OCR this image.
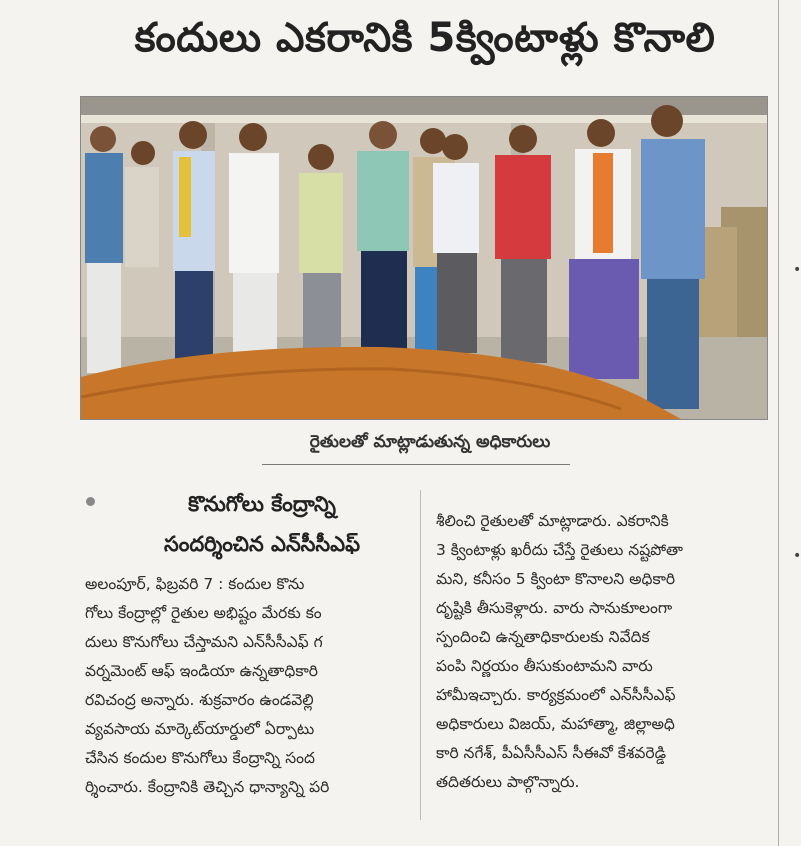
•
•
కందులు ఎకరానికి 5క్వింటాళ్లు కొనాలి
రైతులతో మాట్లాడుతున్న అధికారులు
కొనుగోలు కేంద్రాన్ని
సందర్శించిన ఎన్‌సీసీఎఫ్
అలంపూర్, ఫిబ్రవరి 7 : కందుల కొను
గోలు కేంద్రాల్లో రైతుల అభిష్టం మేరకు కం
దులు కొనుగోలు చేస్తామని ఎన్‌సీసీఎఫ్ గ
వర్నమెంట్ ఆఫ్ ఇండియా ఉన్నతాధికారి
రవిచంద్ర అన్నారు. శుక్రవారం ఉండవెల్లి
వ్యవసాయ మార్కెట్‌యార్డులో ఏర్పాటు
చేసిన కందుల కొనుగోలు కేంద్రాన్ని సంద
ర్శించారు. కేంద్రానికి తెచ్చిన ధాన్యాన్ని పరి
శీలించి రైతులతో మాట్లాడారు. ఎకరానికి
3 క్వింటాళ్లు ఖరీదు చేస్తే రైతులు నష్టపోతా
మని, కనీసం 5 క్వింటా కొనాలని అధికారి
దృష్టికి తీసుకెళ్లారు. వారు సానుకూలంగా
స్పందించి ఉన్నతాధికారులకు నివేదిక
పంపి నిర్ణయం తీసుకుంటామని వారు
హామీఇచ్చారు. కార్యక్రమంలో ఎన్‌సీసీఎఫ్
అధికారులు విజయ్, మహాత్మా, జిల్లాఅధి
కారి నగేశ్, పీఏసీసీఎస్ సీఈవో కేశవరెడ్డి
తదితరులు పాల్గొన్నారు.
